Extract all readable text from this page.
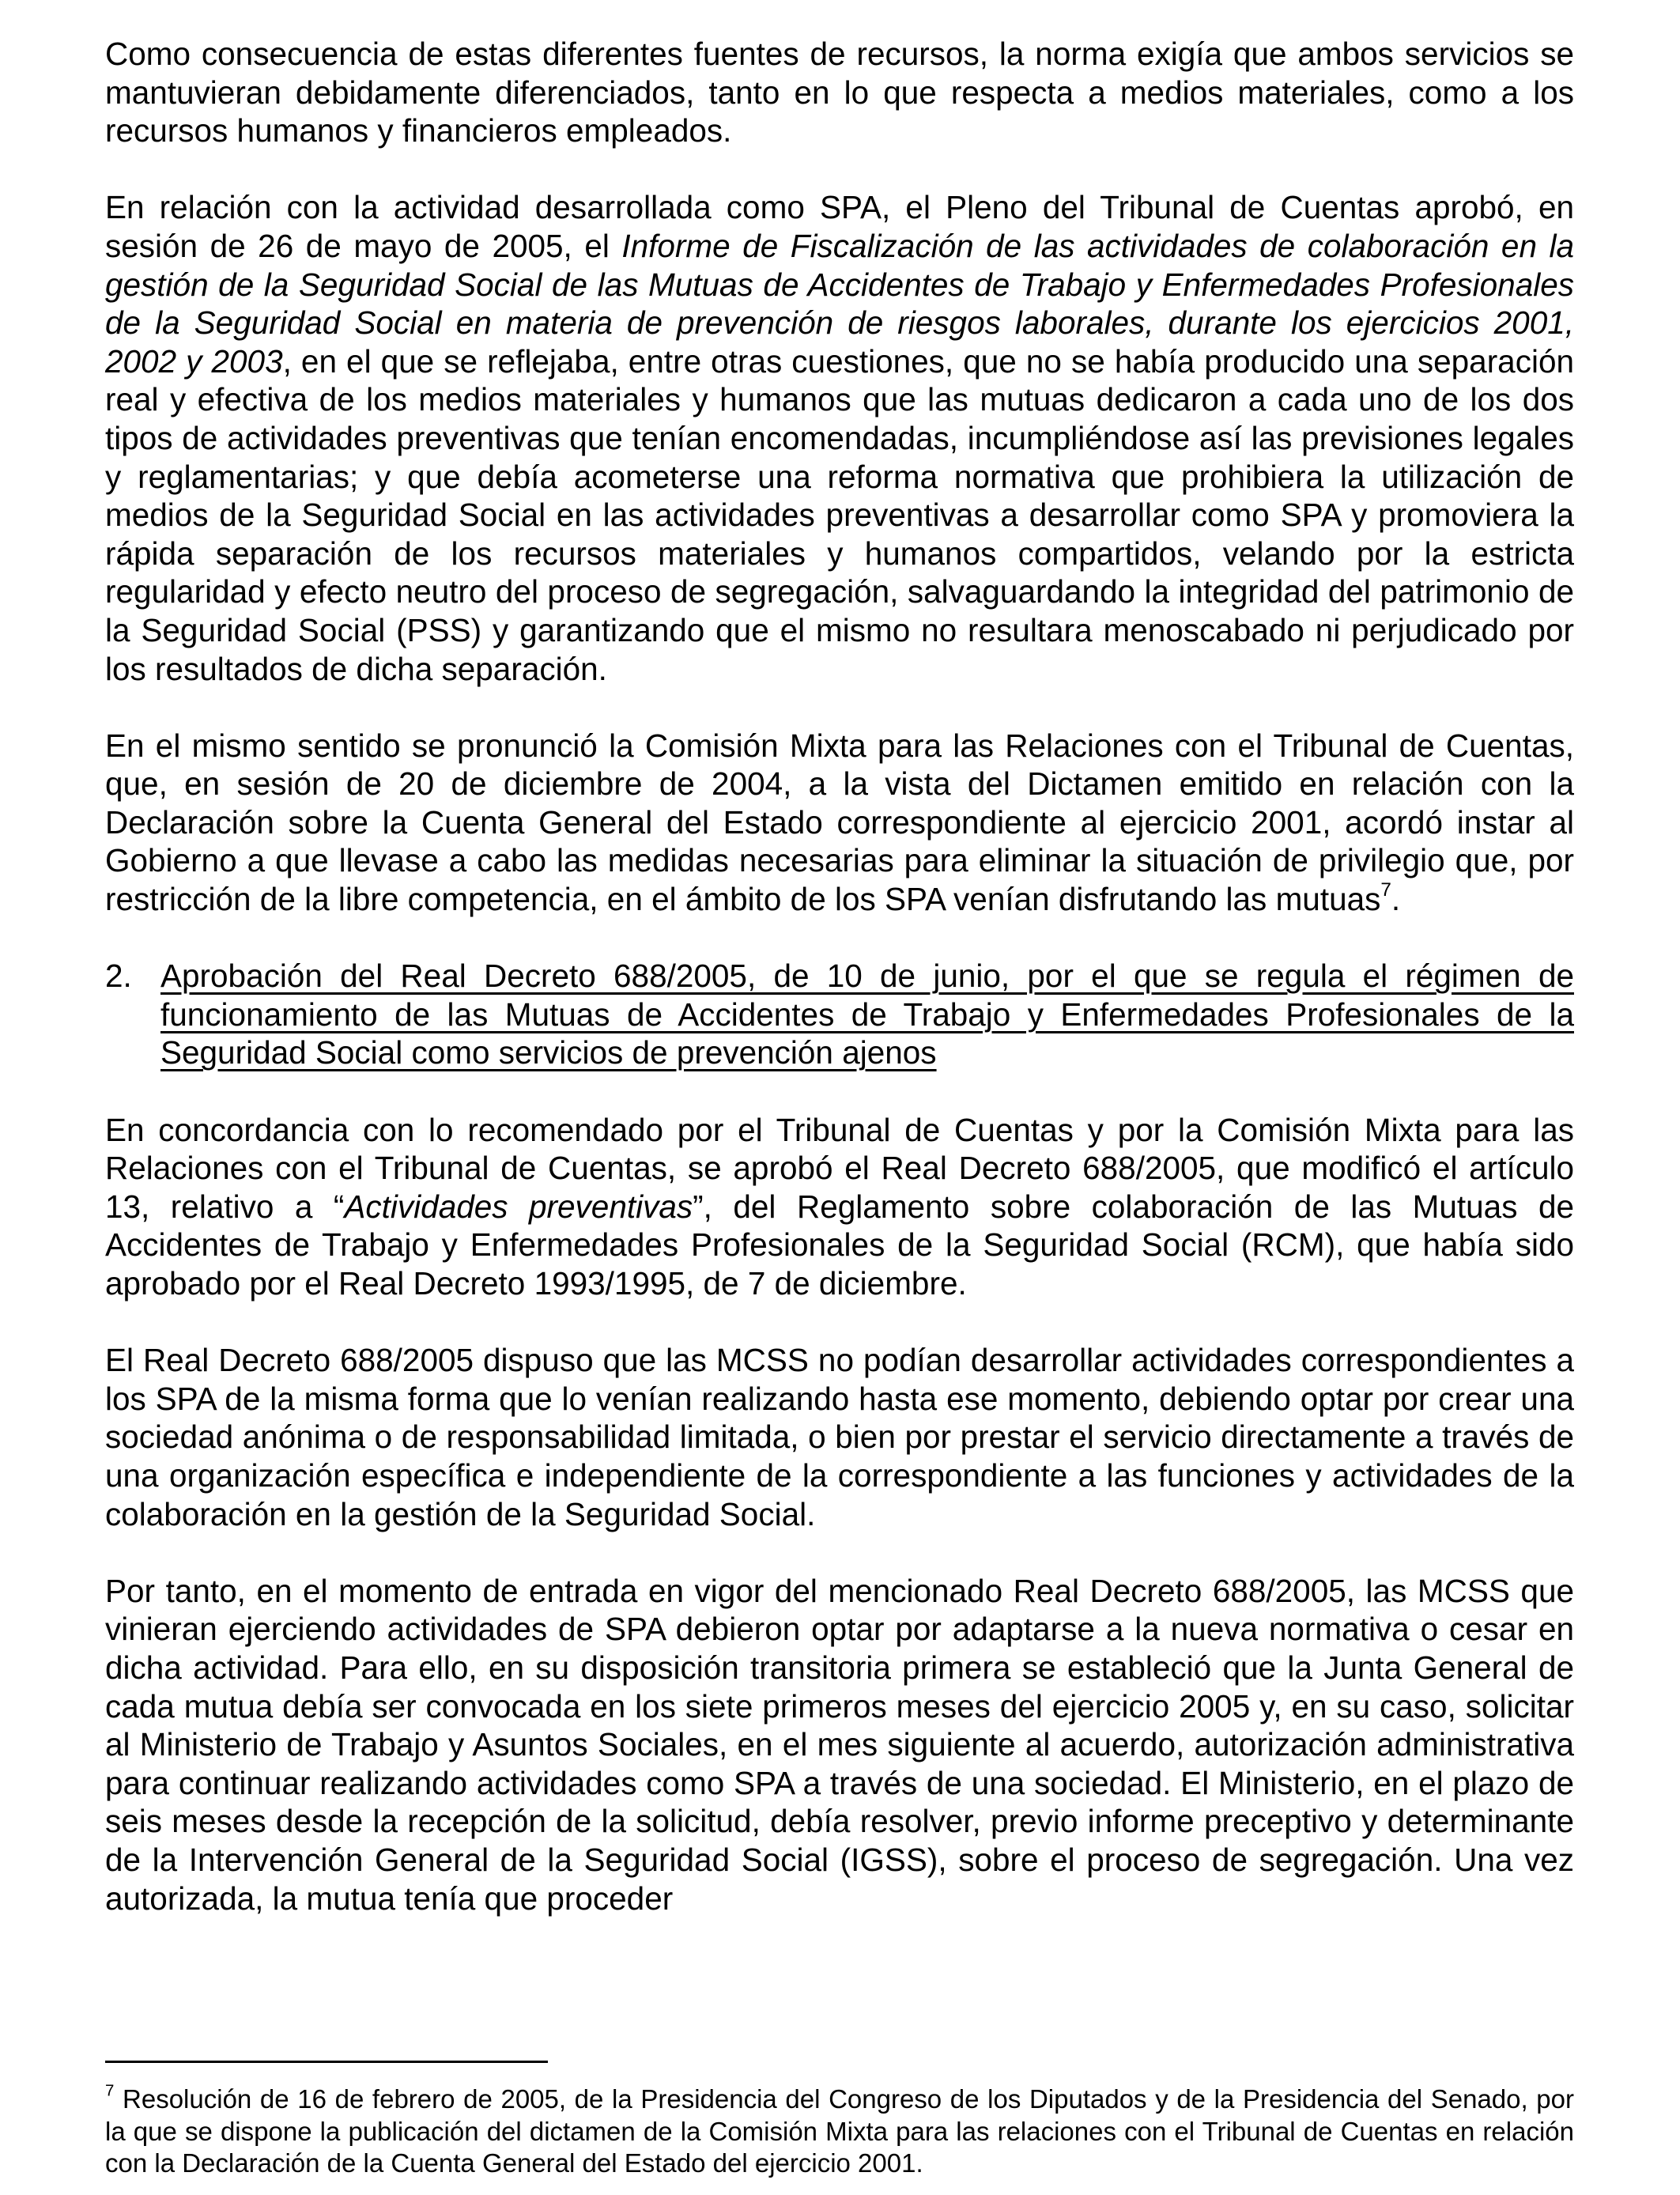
Como consecuencia de estas diferentes fuentes de recursos, la norma exigía que ambos servicios se mantuvieran debidamente diferenciados, tanto en lo que respecta a medios materiales, como a los recursos humanos y financieros empleados.

En relación con la actividad desarrollada como SPA, el Pleno del Tribunal de Cuentas aprobó, en sesión de 26 de mayo de 2005, el Informe de Fiscalización de las actividades de colaboración en la gestión de la Seguridad Social de las Mutuas de Accidentes de Trabajo y Enfermedades Profesionales de la Seguridad Social en materia de prevención de riesgos laborales, durante los ejercicios 2001, 2002 y 2003, en el que se reflejaba, entre otras cuestiones, que no se había producido una separación real y efectiva de los medios materiales y humanos que las mutuas dedicaron a cada uno de los dos tipos de actividades preventivas que tenían encomendadas, incumpliéndose así las previsiones legales y reglamentarias; y que debía acometerse una reforma normativa que prohibiera la utilización de medios de la Seguridad Social en las actividades preventivas a desarrollar como SPA y promoviera la rápida separación de los recursos materiales y humanos compartidos, velando por la estricta regularidad y efecto neutro del proceso de segregación, salvaguardando la integridad del patrimonio de la Seguridad Social (PSS) y garantizando que el mismo no resultara menoscabado ni perjudicado por los resultados de dicha separación.

En el mismo sentido se pronunció la Comisión Mixta para las Relaciones con el Tribunal de Cuentas, que, en sesión de 20 de diciembre de 2004, a la vista del Dictamen emitido en relación con la Declaración sobre la Cuenta General del Estado correspondiente al ejercicio 2001, acordó instar al Gobierno a que llevase a cabo las medidas necesarias para eliminar la situación de privilegio que, por restricción de la libre competencia, en el ámbito de los SPA venían disfrutando las mutuas$^7$.

2. Aprobación del Real Decreto 688/2005, de 10 de junio, por el que se regula el régimen de funcionamiento de las Mutuas de Accidentes de Trabajo y Enfermedades Profesionales de la Seguridad Social como servicios de prevención ajenos

En concordancia con lo recomendado por el Tribunal de Cuentas y por la Comisión Mixta para las Relaciones con el Tribunal de Cuentas, se aprobó el Real Decreto 688/2005, que modificó el artículo 13, relativo a “Actividades preventivas”, del Reglamento sobre colaboración de las Mutuas de Accidentes de Trabajo y Enfermedades Profesionales de la Seguridad Social (RCM), que había sido aprobado por el Real Decreto 1993/1995, de 7 de diciembre.

El Real Decreto 688/2005 dispuso que las MCSS no podían desarrollar actividades correspondientes a los SPA de la misma forma que lo venían realizando hasta ese momento, debiendo optar por crear una sociedad anónima o de responsabilidad limitada, o bien por prestar el servicio directamente a través de una organización específica e independiente de la correspondiente a las funciones y actividades de la colaboración en la gestión de la Seguridad Social.

Por tanto, en el momento de entrada en vigor del mencionado Real Decreto 688/2005, las MCSS que vinieran ejerciendo actividades de SPA debieron optar por adaptarse a la nueva normativa o cesar en dicha actividad. Para ello, en su disposición transitoria primera se estableció que la Junta General de cada mutua debía ser convocada en los siete primeros meses del ejercicio 2005 y, en su caso, solicitar al Ministerio de Trabajo y Asuntos Sociales, en el mes siguiente al acuerdo, autorización administrativa para continuar realizando actividades como SPA a través de una sociedad. El Ministerio, en el plazo de seis meses desde la recepción de la solicitud, debía resolver, previo informe preceptivo y determinante de la Intervención General de la Seguridad Social (IGSS), sobre el proceso de segregación. Una vez autorizada, la mutua tenía que proceder

$^7$ Resolución de 16 de febrero de 2005, de la Presidencia del Congreso de los Diputados y de la Presidencia del Senado, por la que se dispone la publicación del dictamen de la Comisión Mixta para las relaciones con el Tribunal de Cuentas en relación con la Declaración de la Cuenta General del Estado del ejercicio 2001.
